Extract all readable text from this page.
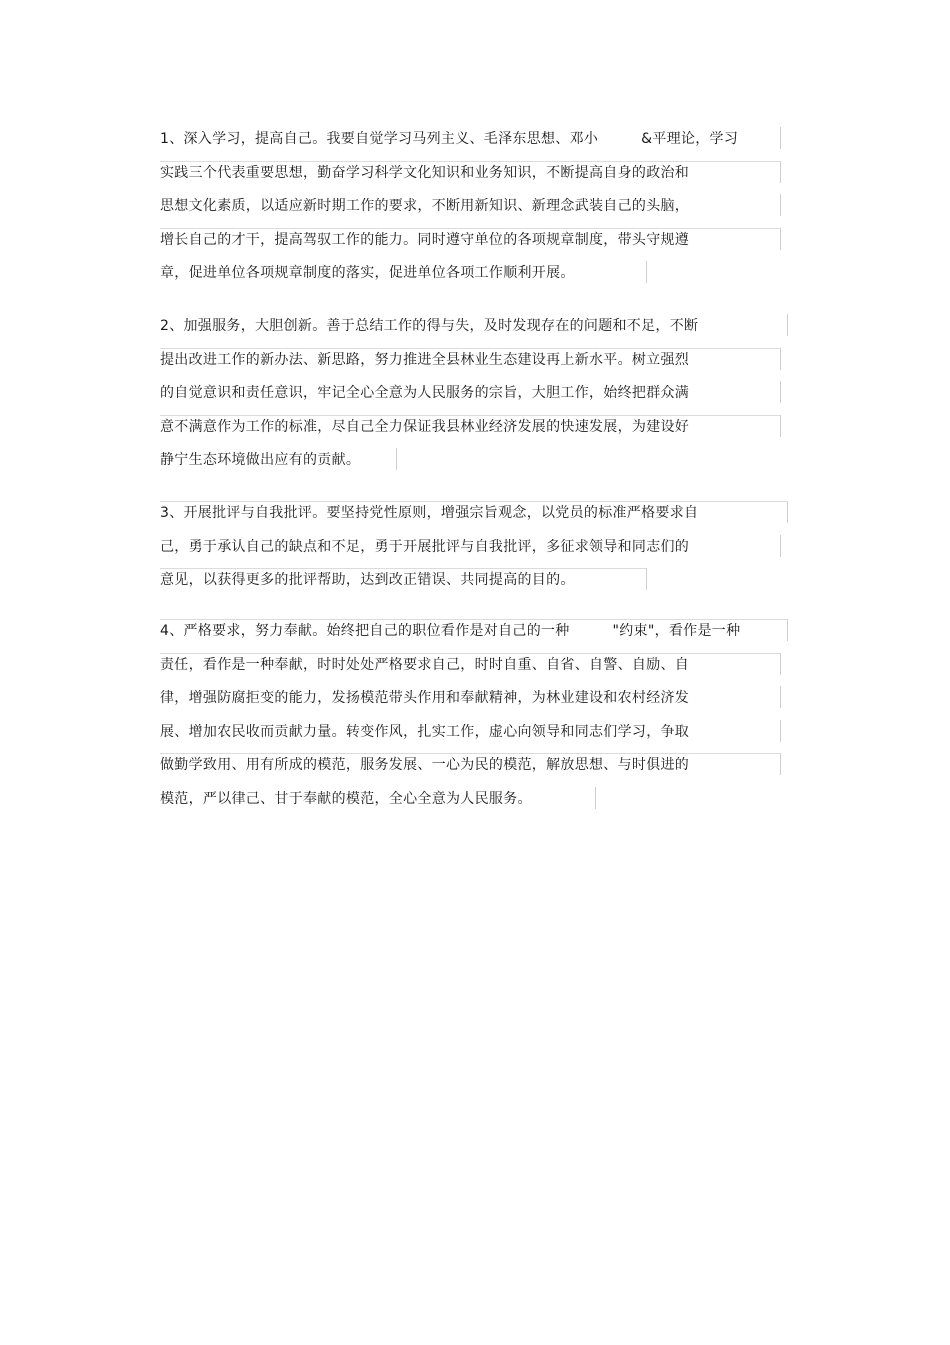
1、深入学习，提高自己。我要自觉学习马列主义、毛泽东思想、邓小　　　&平理论，学习
实践三个代表重要思想，勤奋学习科学文化知识和业务知识，不断提高自身的政治和
思想文化素质，以适应新时期工作的要求，不断用新知识、新理念武装自己的头脑，
增长自己的才干，提高驾驭工作的能力。同时遵守单位的各项规章制度，带头守规遵
章，促进单位各项规章制度的落实，促进单位各项工作顺利开展。
2、加强服务，大胆创新。善于总结工作的得与失，及时发现存在的问题和不足，不断
提出改进工作的新办法、新思路，努力推进全县林业生态建设再上新水平。树立强烈
的自觉意识和责任意识，牢记全心全意为人民服务的宗旨，大胆工作，始终把群众满
意不满意作为工作的标准，尽自己全力保证我县林业经济发展的快速发展，为建设好
静宁生态环境做出应有的贡献。
3、开展批评与自我批评。要坚持党性原则，增强宗旨观念，以党员的标准严格要求自
己，勇于承认自己的缺点和不足，勇于开展批评与自我批评，多征求领导和同志们的
意见，以获得更多的批评帮助，达到改正错误、共同提高的目的。
4、严格要求，努力奉献。始终把自己的职位看作是对自己的一种　　　"约束"，看作是一种
责任，看作是一种奉献，时时处处严格要求自己，时时自重、自省、自警、自励、自
律，增强防腐拒变的能力，发扬模范带头作用和奉献精神，为林业建设和农村经济发
展、增加农民收而贡献力量。转变作风，扎实工作，虚心向领导和同志们学习，争取
做勤学致用、用有所成的模范，服务发展、一心为民的模范，解放思想、与时俱进的
模范，严以律己、甘于奉献的模范，全心全意为人民服务。
